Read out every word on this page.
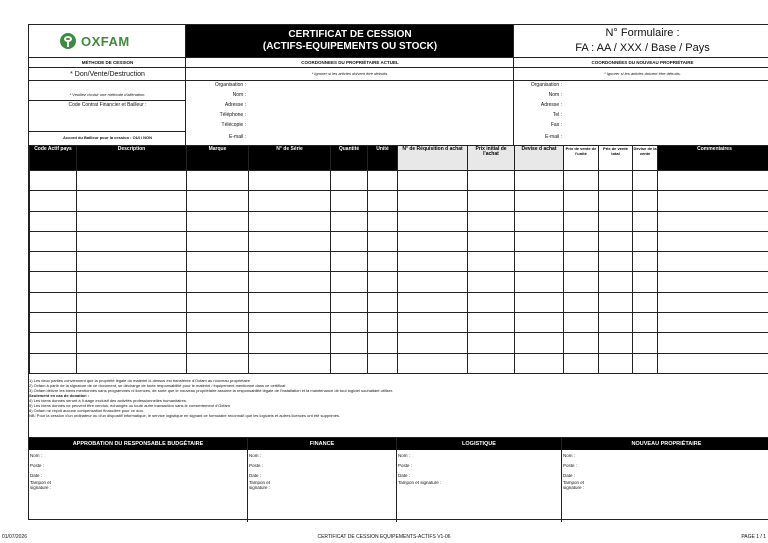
OXFAM	CERTIFICAT DE CESSION
(ACTIFS-EQUIPEMENTS OU STOCK)
N° Formulaire :
FA : AA / XXX / Base / Pays
MÉTHODE DE CESSION
* Don/Vente/Destruction
* Veuillez choisir une méthode d'aliénation.
Code Contrat Financier et Bailleur :
Accord du Bailleur pour la cession : OUI / NON
COORDONNEES DU PROPRIÉTAIRE ACTUEL
* Ignorer si les articles doivent être détruits.
Organisation :
Nom :
Adresse :
Téléphone :
Télécopie :
E-mail :
COORDONNÉES DU NOUVEAU PROPRIÉTAIRE
* Ignorer si les articles doivent être détruits.
Organisation :
Nom :
Adresse :
Tel :
Fax :
E-mail :
Code Actif pays	Description	Marque	N° de Série	Quantité	Unité	N° de Réquisition d achat	Prix initial de l'achat	Devise d achat	Prix de vente de l'unité	Prix de vente total	Devise de la vente	Commentaires

1) Les deux parties conviennent que la propriété légale du matériel ci-dessus est transférée d'Oxfam au nouveau propriétaire
2) Oxfam à partir de la signature de ce document, se décharge de toute responsabilité pour le matériel / équipement mentionné dans ce certificat .
3) Oxfam délivre les biens mentionnés sans programmes ni licences, de sorte que le nouveau propriétaire assume la responsabilité légale de l'installation et la maintenance de tout logiciel souhaitant utiliser.
Seulement en cas de donation :
4) Les biens donnés seront à l'usage exclusif des activités professionnelles humanitaires.
5) Les biens donnés ne peuvent être vendus, échangés ou toute autre transaction sans le consentement d'Oxfam
6) Oxfam ne reçoit aucune compensation financière pour ce don.
NB: Pour la cession d'un ordinateur ou d'un dispositif informatique, le service logistique en signant ce formulaire reconnaît que les logiciels et autres licences ont été supprimés.
APPROBATION DU RESPONSABLE BUDGÉTAIRE
Nom :
Poste :
Date :
Tampon et
signature :
FINANCE
Nom :
Poste :
Date :
Tampon et
signature :
LOGISTIQUE
Nom :
Poste :
Date :
Tampon et signature :
NOUVEAU PROPRIÉTAIRE
Nom :
Poste :
Date :
Tampon et
signature :
01/07/2026	CERTIFICAT DE CESSION EQUIPEMENTS-ACTIFS V1-06	PAGE 1 / 1
